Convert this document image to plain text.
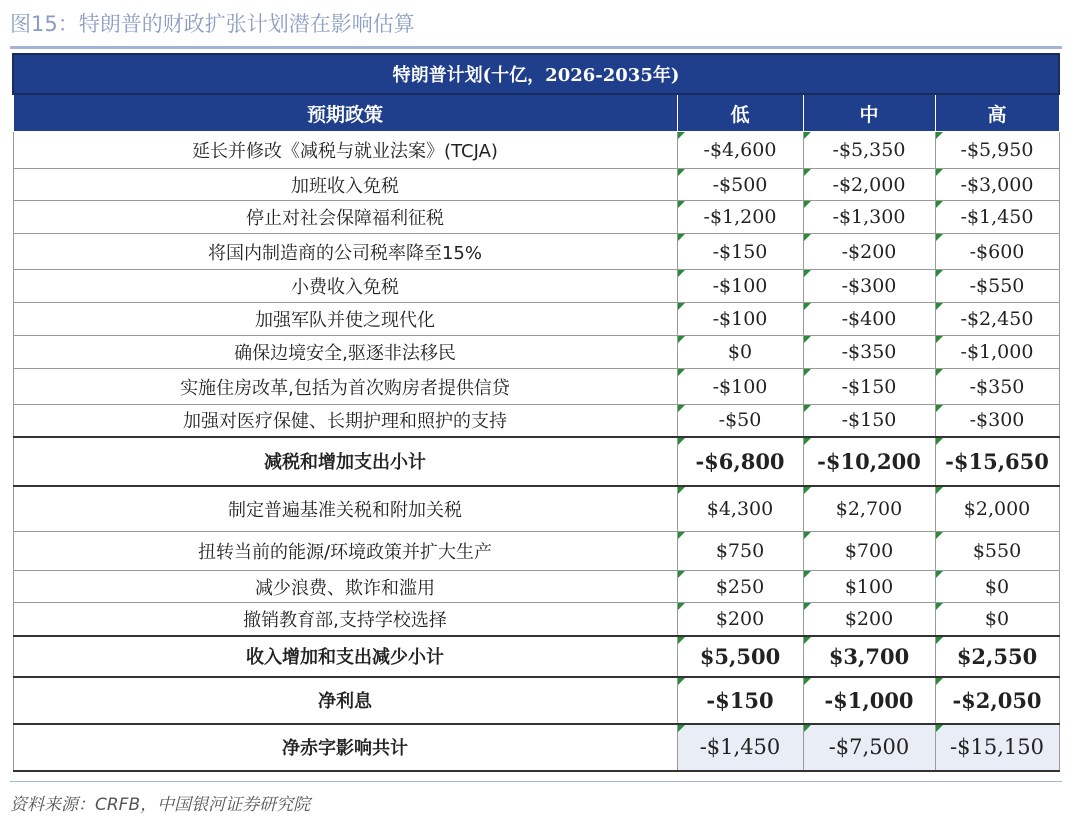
图15：特朗普的财政扩张计划潜在影响估算
特朗普计划(十亿，2026-2035年)			
预期政策	低	中	高
延长并修改《减税与就业法案》(TCJA)	-$4,600	-$5,350	-$5,950
加班收入免税	-$500	-$2,000	-$3,000
停止对社会保障福利征税	-$1,200	-$1,300	-$1,450
将国内制造商的公司税率降至15%	-$150	-$200	-$600
小费收入免税	-$100	-$300	-$550
加强军队并使之现代化	-$100	-$400	-$2,450
确保边境安全,驱逐非法移民	$0	-$350	-$1,000
实施住房改革,包括为首次购房者提供信贷	-$100	-$150	-$350
加强对医疗保健、长期护理和照护的支持	-$50	-$150	-$300
减税和增加支出小计	-$6,800	-$10,200	-$15,650
制定普遍基准关税和附加关税	$4,300	$2,700	$2,000
扭转当前的能源/环境政策并扩大生产	$750	$700	$550
减少浪费、欺诈和滥用	$250	$100	$0
撤销教育部,支持学校选择	$200	$200	$0
收入增加和支出减少小计	$5,500	$3,700	$2,550
净利息	-$150	-$1,000	-$2,050
净赤字影响共计	-$1,450	-$7,500	-$15,150
资料来源：CRFB，中国银河证券研究院
